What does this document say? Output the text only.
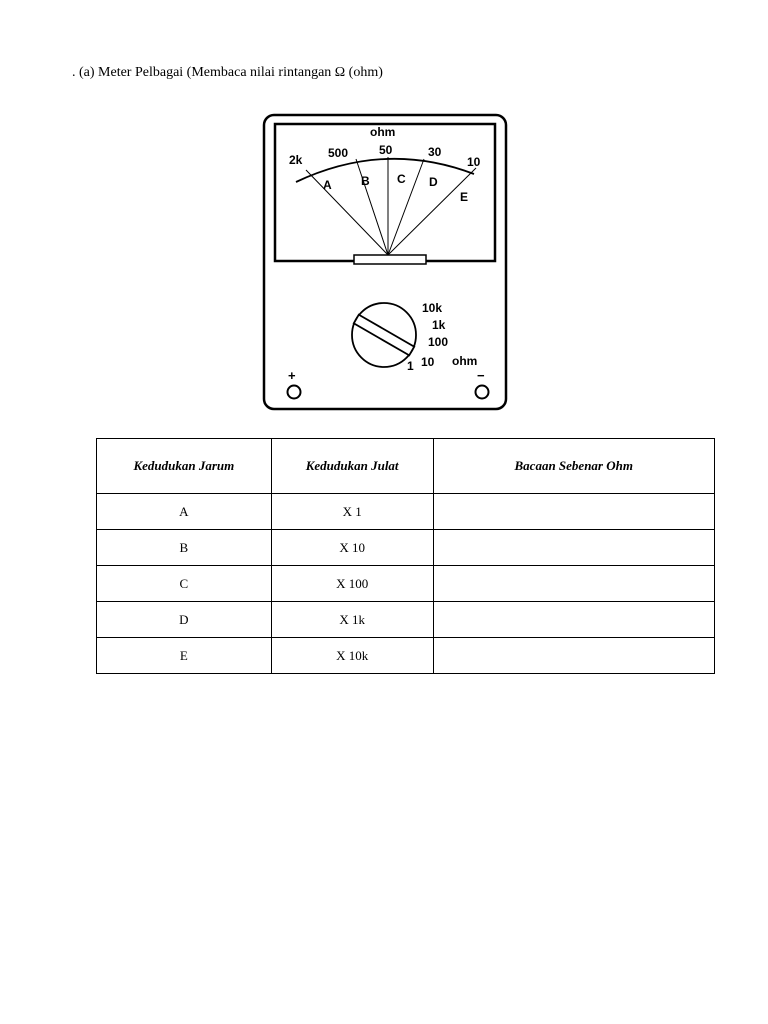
. (a) Meter Pelbagai (Membaca nilai rintangan Ω (ohm)
ohm
2k 500	50	30
10
A B C D
E
10k
1k
100
10
1	ohm
+	−
Kedudukan Jarum	Kedudukan Julat	Bacaan Sebenar Ohm
A	X 1	
B	X 10	
C	X 100	
D	X 1k	
E	X 10k	
